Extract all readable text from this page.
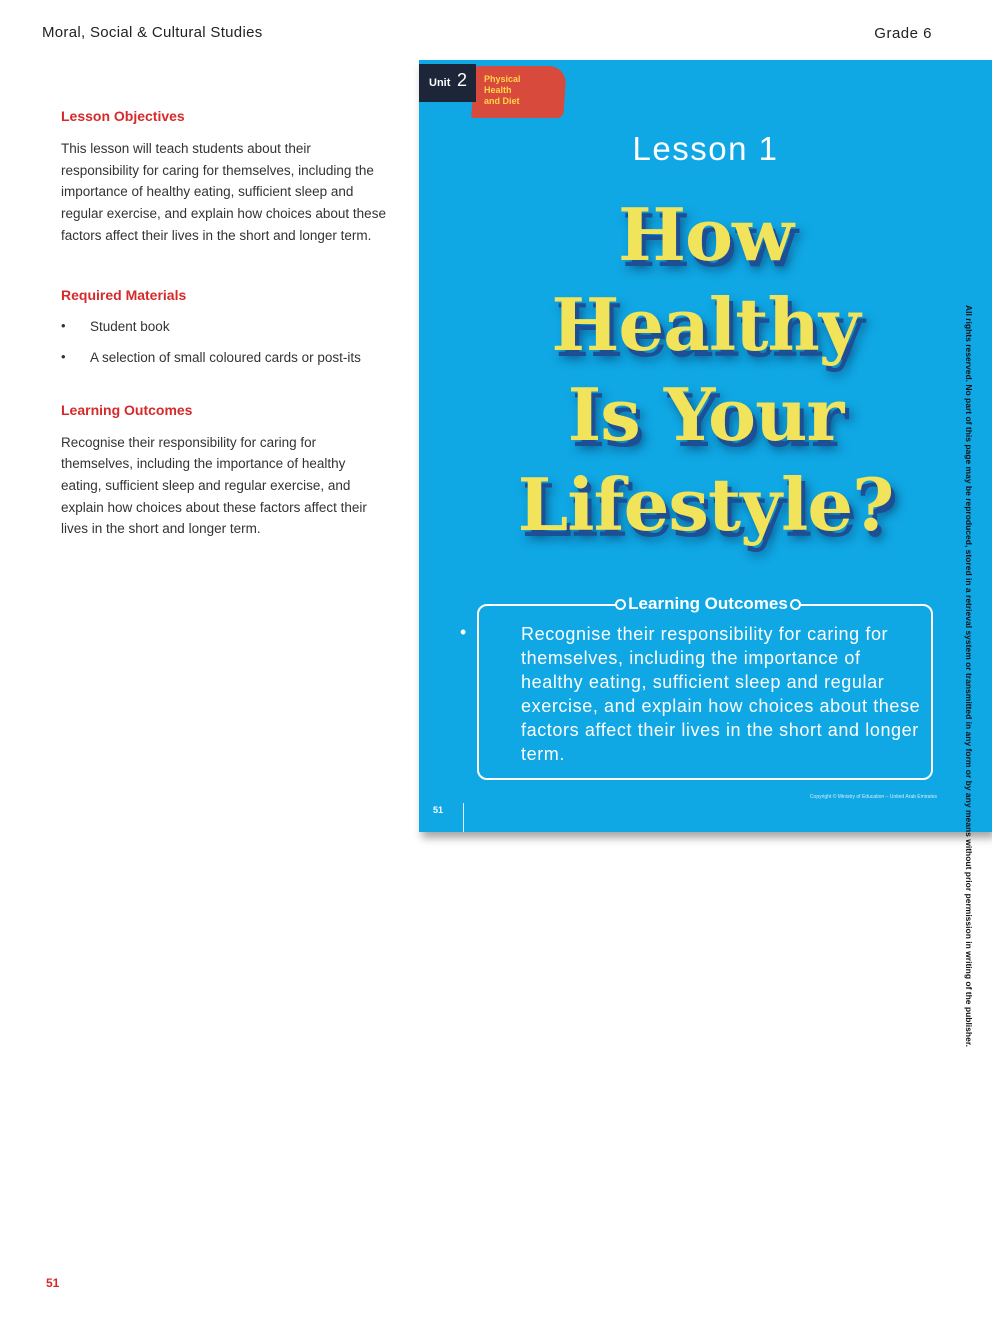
Moral, Social & Cultural Studies	Grade 6

Lesson Objectives

This lesson will teach students about their responsibility for caring for themselves, including the importance of healthy eating, sufficient sleep and regular exercise, and explain how choices about these factors affect their lives in the short and longer term.

Required Materials

• Student book
• A selection of small coloured cards or post-its

Learning Outcomes

Recognise their responsibility for caring for themselves, including the importance of healthy eating, sufficient sleep and regular exercise, and explain how choices about these factors affect their lives in the short and longer term.

51
Unit 2 Physical
Health
and Diet
Lesson 1
How
Healthy
Is Your
Lifestyle?
Learning Outcomes
•	Recognise their responsibility for caring for themselves, including the importance of healthy eating, sufficient sleep and regular exercise, and explain how choices about these factors affect their lives in the short and longer term.
51
Copyright © Ministry of Education – United Arab Emirates	All rights reserved. No part of this page may be reproduced, stored in a retrieval system or transmitted in any form or by any means without prior permission in writing of the publisher.
